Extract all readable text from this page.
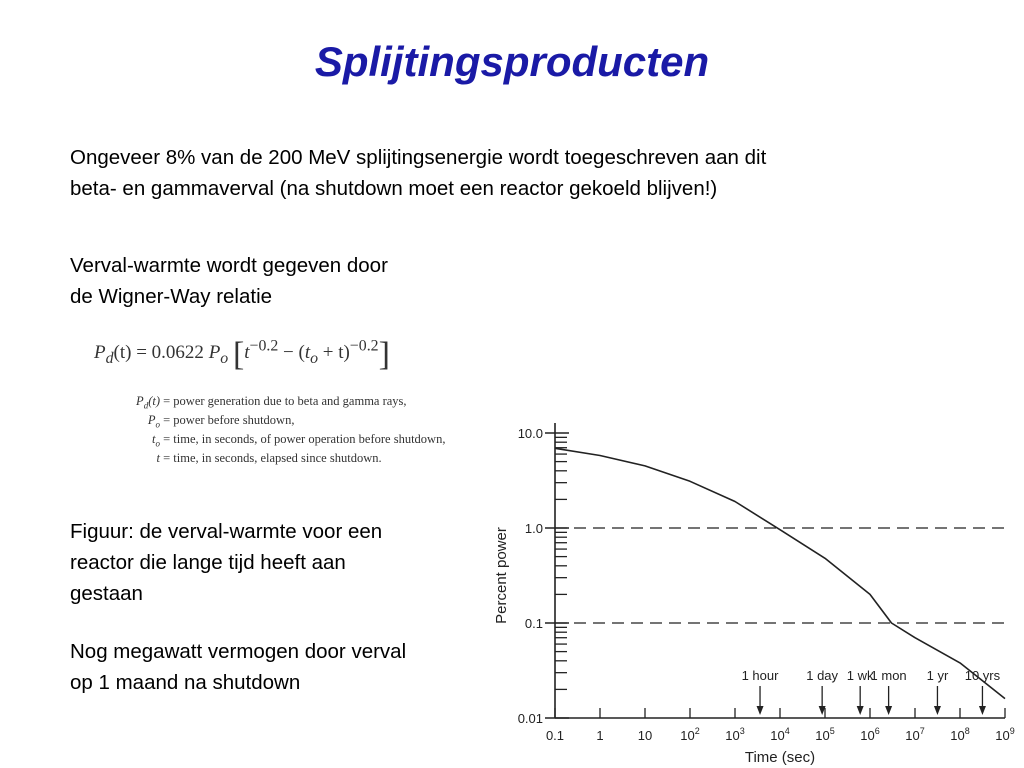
Splijtingsproducten
Ongeveer 8% van de 200 MeV splijtingsenergie wordt toegeschreven aan dit
beta- en gammaverval (na shutdown moet een reactor gekoeld blijven!)
Verval-warmte wordt gegeven door
de Wigner-Way relatie
$P_d(t) = 0.0622$ $P_o$ $[t^{-0.2} - (t_o + t)^{-0.2}]$
$P_d(t)$ = power generation due to beta and gamma rays,
$P_o$ = power before shutdown,
$t_o$ = time, in seconds, of power operation before shutdown,
t = time, in seconds, elapsed since shutdown.
Figuur: de verval-warmte voor een
reactor die lange tijd heeft aan
gestaan
Nog megawatt vermogen door verval
op 1 maand na shutdown
0.01
0.1
1.0
10.0
0.1 1	10 $10^2$ $10^3$ $10^4$ $10^5$ $10^6$ $10^7$ $10^8$ $10^9$
1 hour 1 day 1 wk
1 mon 1 yr 10 yrs
Time (sec)
Percent power
